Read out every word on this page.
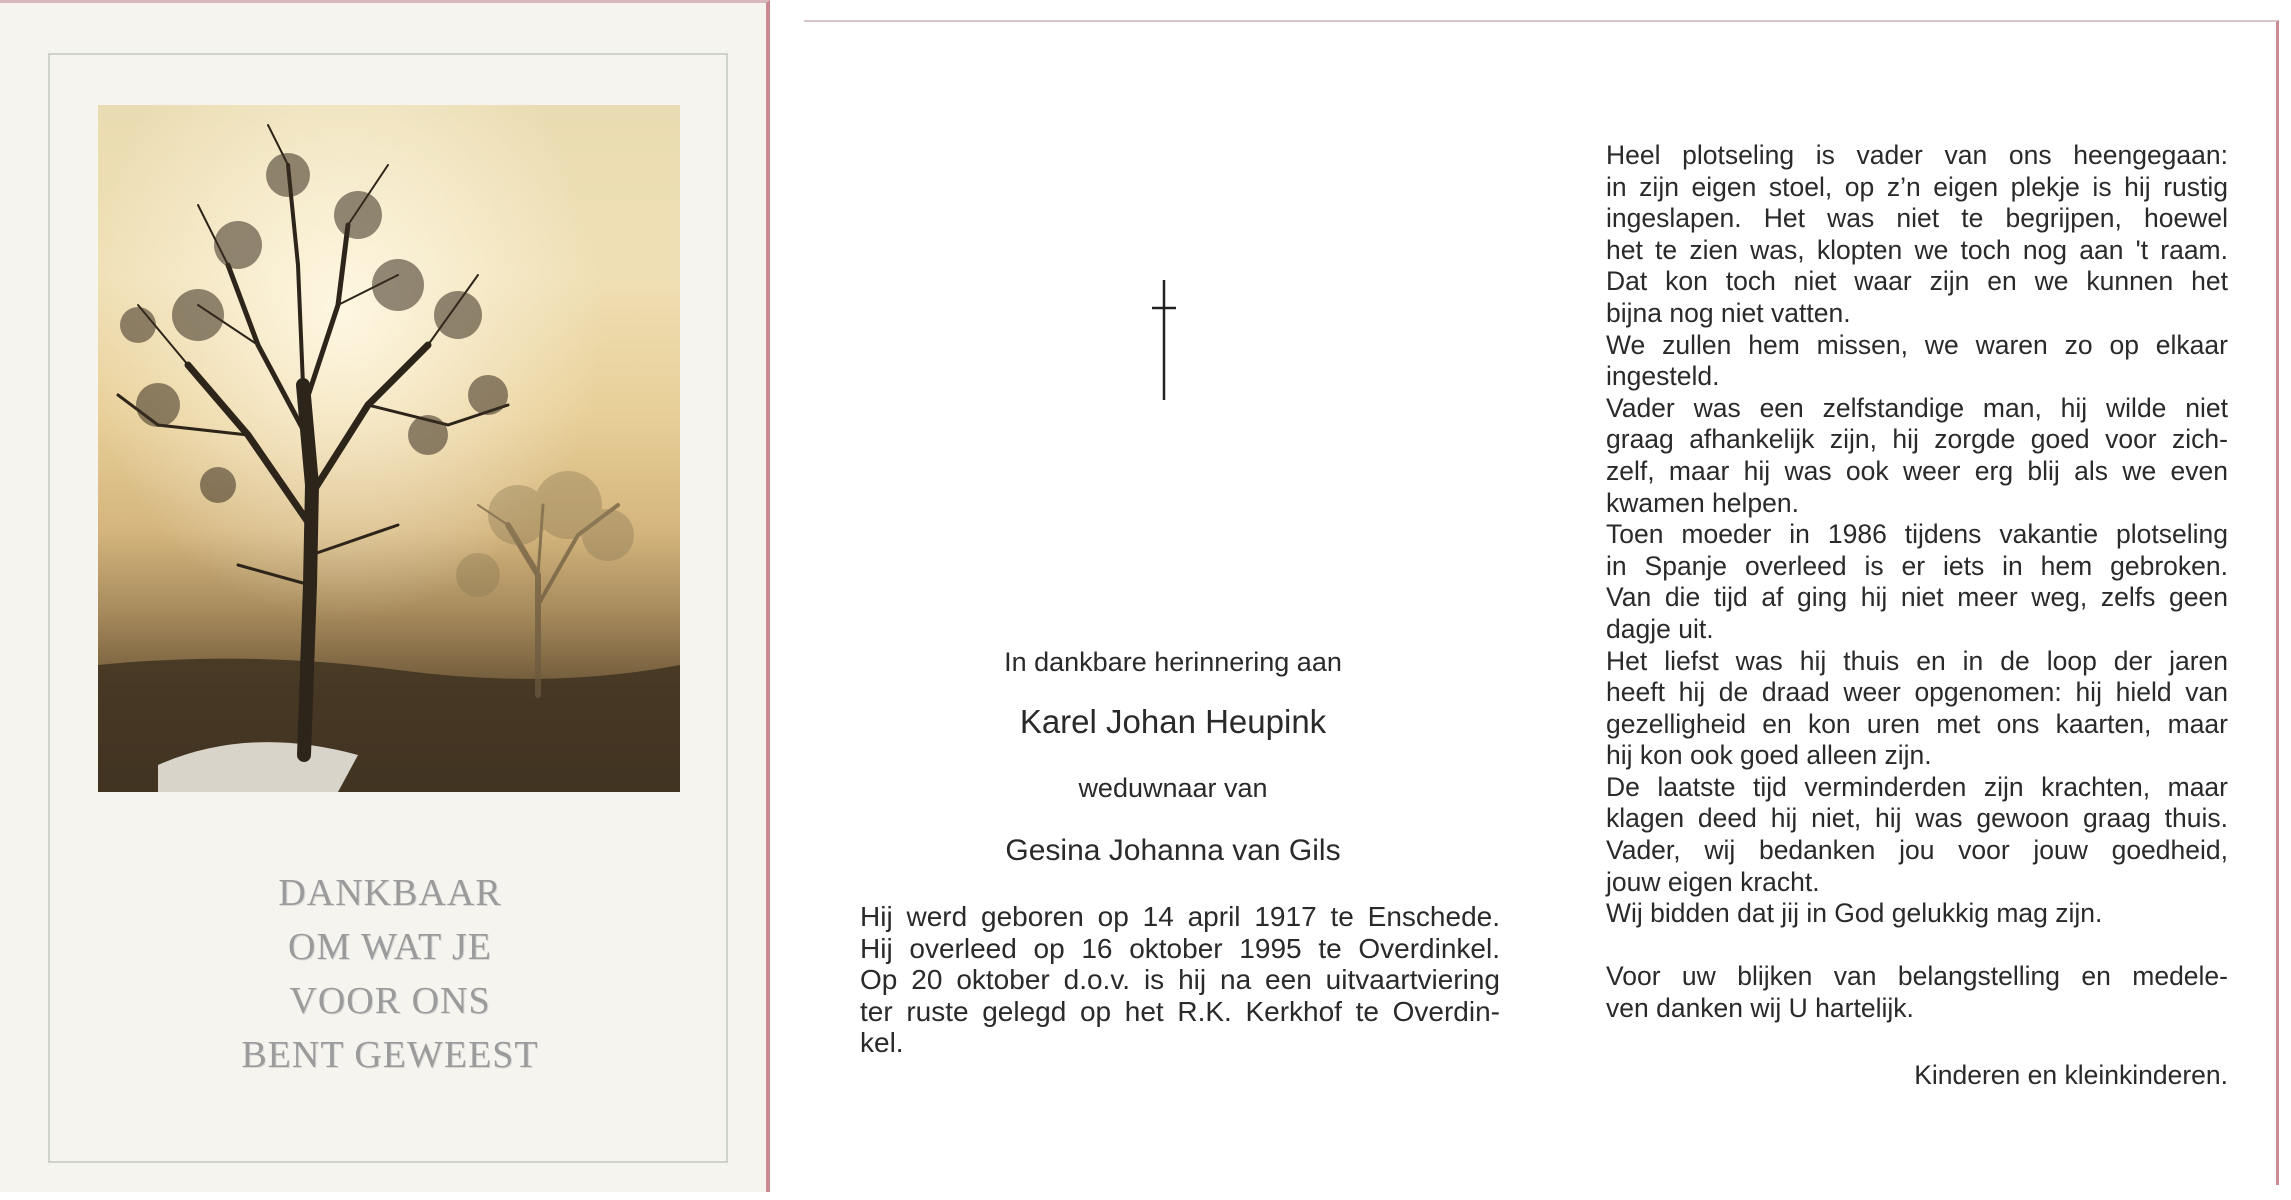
DANKBAAR
OM WAT JE
VOOR ONS
BENT GEWEEST
In dankbare herinnering aan
Karel Johan Heupink
weduwnaar van
Gesina Johanna van Gils
Hij werd geboren op 14 april 1917 te Enschede.
Hij overleed op 16 oktober 1995 te Overdinkel.
Op 20 oktober d.o.v. is hij na een uitvaartviering
ter ruste gelegd op het R.K. Kerkhof te Overdin-
kel.
Heel plotseling is vader van ons heengegaan:
in zijn eigen stoel, op z’n eigen plekje is hij rustig
ingeslapen. Het was niet te begrijpen, hoewel
het te zien was, klopten we toch nog aan 't raam.
Dat kon toch niet waar zijn en we kunnen het
bijna nog niet vatten.
We zullen hem missen, we waren zo op elkaar
ingesteld.
Vader was een zelfstandige man, hij wilde niet
graag afhankelijk zijn, hij zorgde goed voor zich-
zelf, maar hij was ook weer erg blij als we even
kwamen helpen.
Toen moeder in 1986 tijdens vakantie plotseling
in Spanje overleed is er iets in hem gebroken.
Van die tijd af ging hij niet meer weg, zelfs geen
dagje uit.
Het liefst was hij thuis en in de loop der jaren
heeft hij de draad weer opgenomen: hij hield van
gezelligheid en kon uren met ons kaarten, maar
hij kon ook goed alleen zijn.
De laatste tijd verminderden zijn krachten, maar
klagen deed hij niet, hij was gewoon graag thuis.
Vader, wij bedanken jou voor jouw goedheid,
jouw eigen kracht.
Wij bidden dat jij in God gelukkig mag zijn.
Voor uw blijken van belangstelling en medele-
ven danken wij U hartelijk.
Kinderen en kleinkinderen.
